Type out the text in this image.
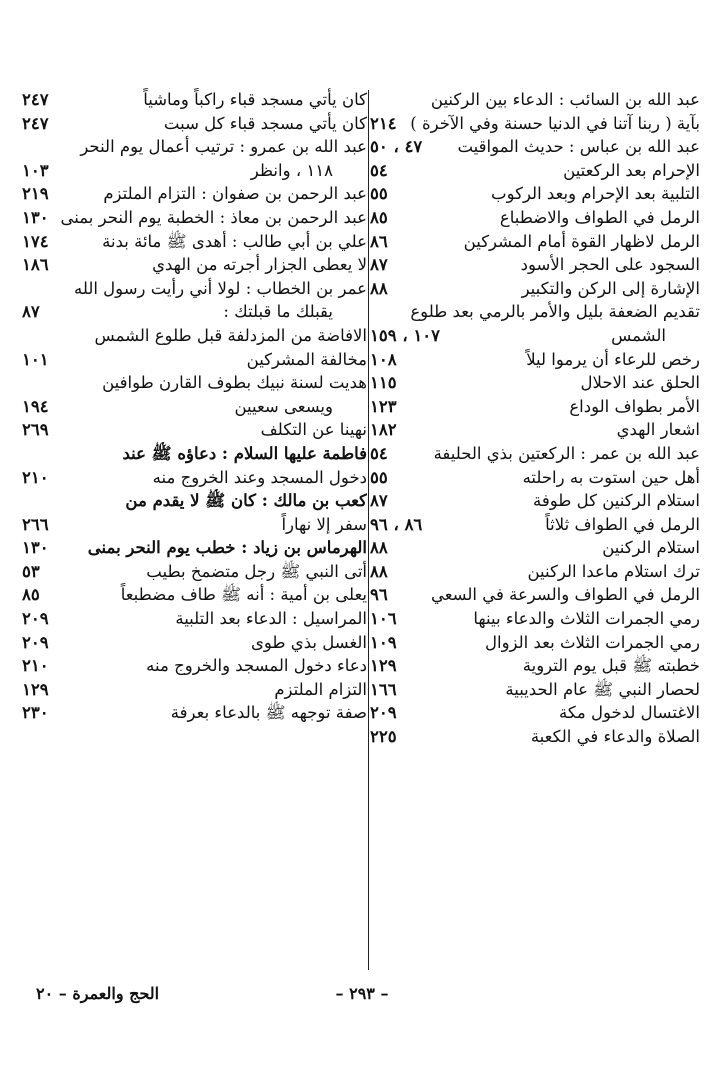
عبد الله بن السائب : الدعاء بين الركنين
بآية ( ربنا آتنا في الدنيا حسنة وفي الآخرة )
٢١٤
عبد الله بن عباس : حديث المواقيت
٤٧ ، ٥٠
الإحرام بعد الركعتين
٥٤
التلبية بعد الإحرام وبعد الركوب
٥٥
الرمل في الطواف والاضطباع
٨٥
الرمل لاظهار القوة أمام المشركين
٨٦
السجود على الحجر الأسود
٨٧
الإشارة إلى الركن والتكبير
٨٨
تقديم الضعفة بليل والأمر بالرمي بعد طلوع
الشمس
١٠٧ ، ١٥٩
رخص للرعاء أن يرموا ليلاً
١٠٨
الحلق عند الاحلال
١١٥
الأمر بطواف الوداع
١٢٣
اشعار الهدي
١٨٢
عبد الله بن عمر : الركعتين بذي الحليفة
٥٤
أهل حين استوت به راحلته
٥٥
استلام الركنين كل طوفة
٨٧
الرمل في الطواف ثلاثاً
٨٦ ، ٩٦
استلام الركنين
٨٨
ترك استلام ماعدا الركنين
٨٨
الرمل في الطواف والسرعة في السعي
٩٦
رمي الجمرات الثلاث والدعاء بينها
١٠٦
رمي الجمرات الثلاث بعد الزوال
١٠٩
خطبته ﷺ قبل يوم التروية
١٢٩
لحصار النبي ﷺ عام الحديبية
١٦٦
الاغتسال لدخول مكة
٢٠٩
الصلاة والدعاء في الكعبة
٢٢٥
كان يأتي مسجد قباء راكباً وماشياً
٢٤٧
كان يأتي مسجد قباء كل سبت
٢٤٧
عبد الله بن عمرو : ترتيب أعمال يوم النحر
١١٨ ، وانظر
١٠٣
عبد الرحمن بن صفوان : التزام الملتزم
٢١٩
عبد الرحمن بن معاذ : الخطبة يوم النحر بمنى
١٣٠
علي بن أبي طالب : أهدى ﷺ مائة بدنة
١٧٤
لا يعطى الجزار أجرته من الهدي
١٨٦
عمر بن الخطاب : لولا أني رأيت رسول الله
يقبلك ما قبلتك :
٨٧
الافاضة من المزدلفة قبل طلوع الشمس
مخالفة المشركين
١٠١
هديت لسنة نبيك بطوف القارن طوافين
ويسعى سعيين
١٩٤
نهينا عن التكلف
٢٦٩
فاطمة عليها السلام : دعاؤه ﷺ عند
دخول المسجد وعند الخروج منه
٢١٠
كعب بن مالك : كان ﷺ لا يقدم من
سفر إلا نهاراً
٢٦٦
الهرماس بن زياد : خطب يوم النحر بمنى
١٣٠
أتى النبي ﷺ رجل متضمخ بطيب
٥٣
يعلى بن أمية : أنه ﷺ طاف مضطبعاً
٨٥
المراسيل : الدعاء بعد التلبية
٢٠٩
الغسل بذي طوى
٢٠٩
دعاء دخول المسجد والخروج منه
٢١٠
التزام الملتزم
١٢٩
صفة توجهه ﷺ بالدعاء بعرفة
٢٣٠
– ٢٩٣ –
الحج والعمرة – ٢٠
